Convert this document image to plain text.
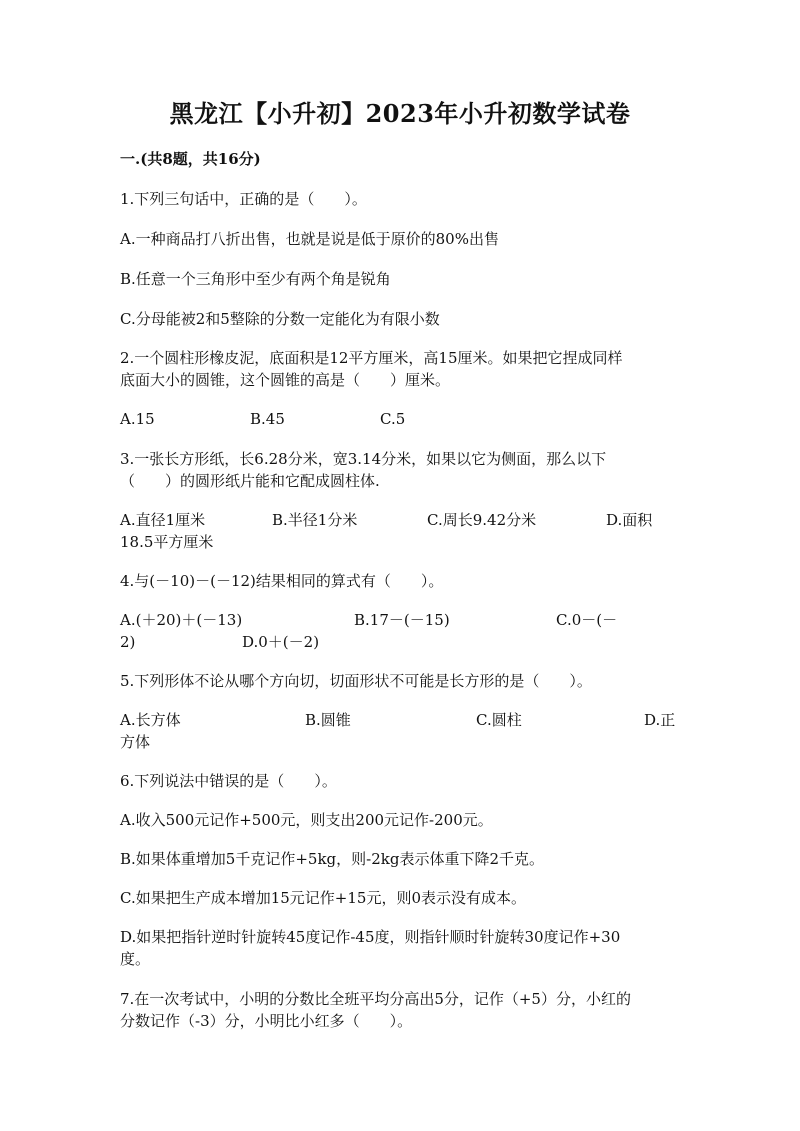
黑龙江【小升初】2023年小升初数学试卷
一.(共8题，共16分)
1.下列三句话中，正确的是（　　）。
A.一种商品打八折出售，也就是说是低于原价的80%出售
B.任意一个三角形中至少有两个角是锐角
C.分母能被2和5整除的分数一定能化为有限小数
2.一个圆柱形橡皮泥，底面积是12平方厘米，高15厘米。如果把它捏成同样
底面大小的圆锥，这个圆锥的高是（　　）厘米。
A.15	B.45	C.5
3.一张长方形纸，长6.28分米，宽3.14分米，如果以它为侧面，那么以下
（　　）的圆形纸片能和它配成圆柱体.
A.直径1厘米	B.半径1分米	C.周长9.42分米	D.面积
18.5平方厘米
4.与(－10)－(－12)结果相同的算式有（　　）。
A.(＋20)＋(－13)	B.17－(－15)	C.0－(－
2)	D.0＋(－2)
5.下列形体不论从哪个方向切，切面形状不可能是长方形的是（　　）。
A.长方体	B.圆锥	C.圆柱	D.正
方体
6.下列说法中错误的是（　　）。
A.收入500元记作+500元，则支出200元记作-200元。
B.如果体重增加5千克记作+5kg，则-2kg表示体重下降2千克。
C.如果把生产成本增加15元记作+15元，则0表示没有成本。
D.如果把指针逆时针旋转45度记作-45度，则指针顺时针旋转30度记作+30
度。
7.在一次考试中，小明的分数比全班平均分高出5分，记作（+5）分，小红的
分数记作（-3）分，小明比小红多（　　）。
